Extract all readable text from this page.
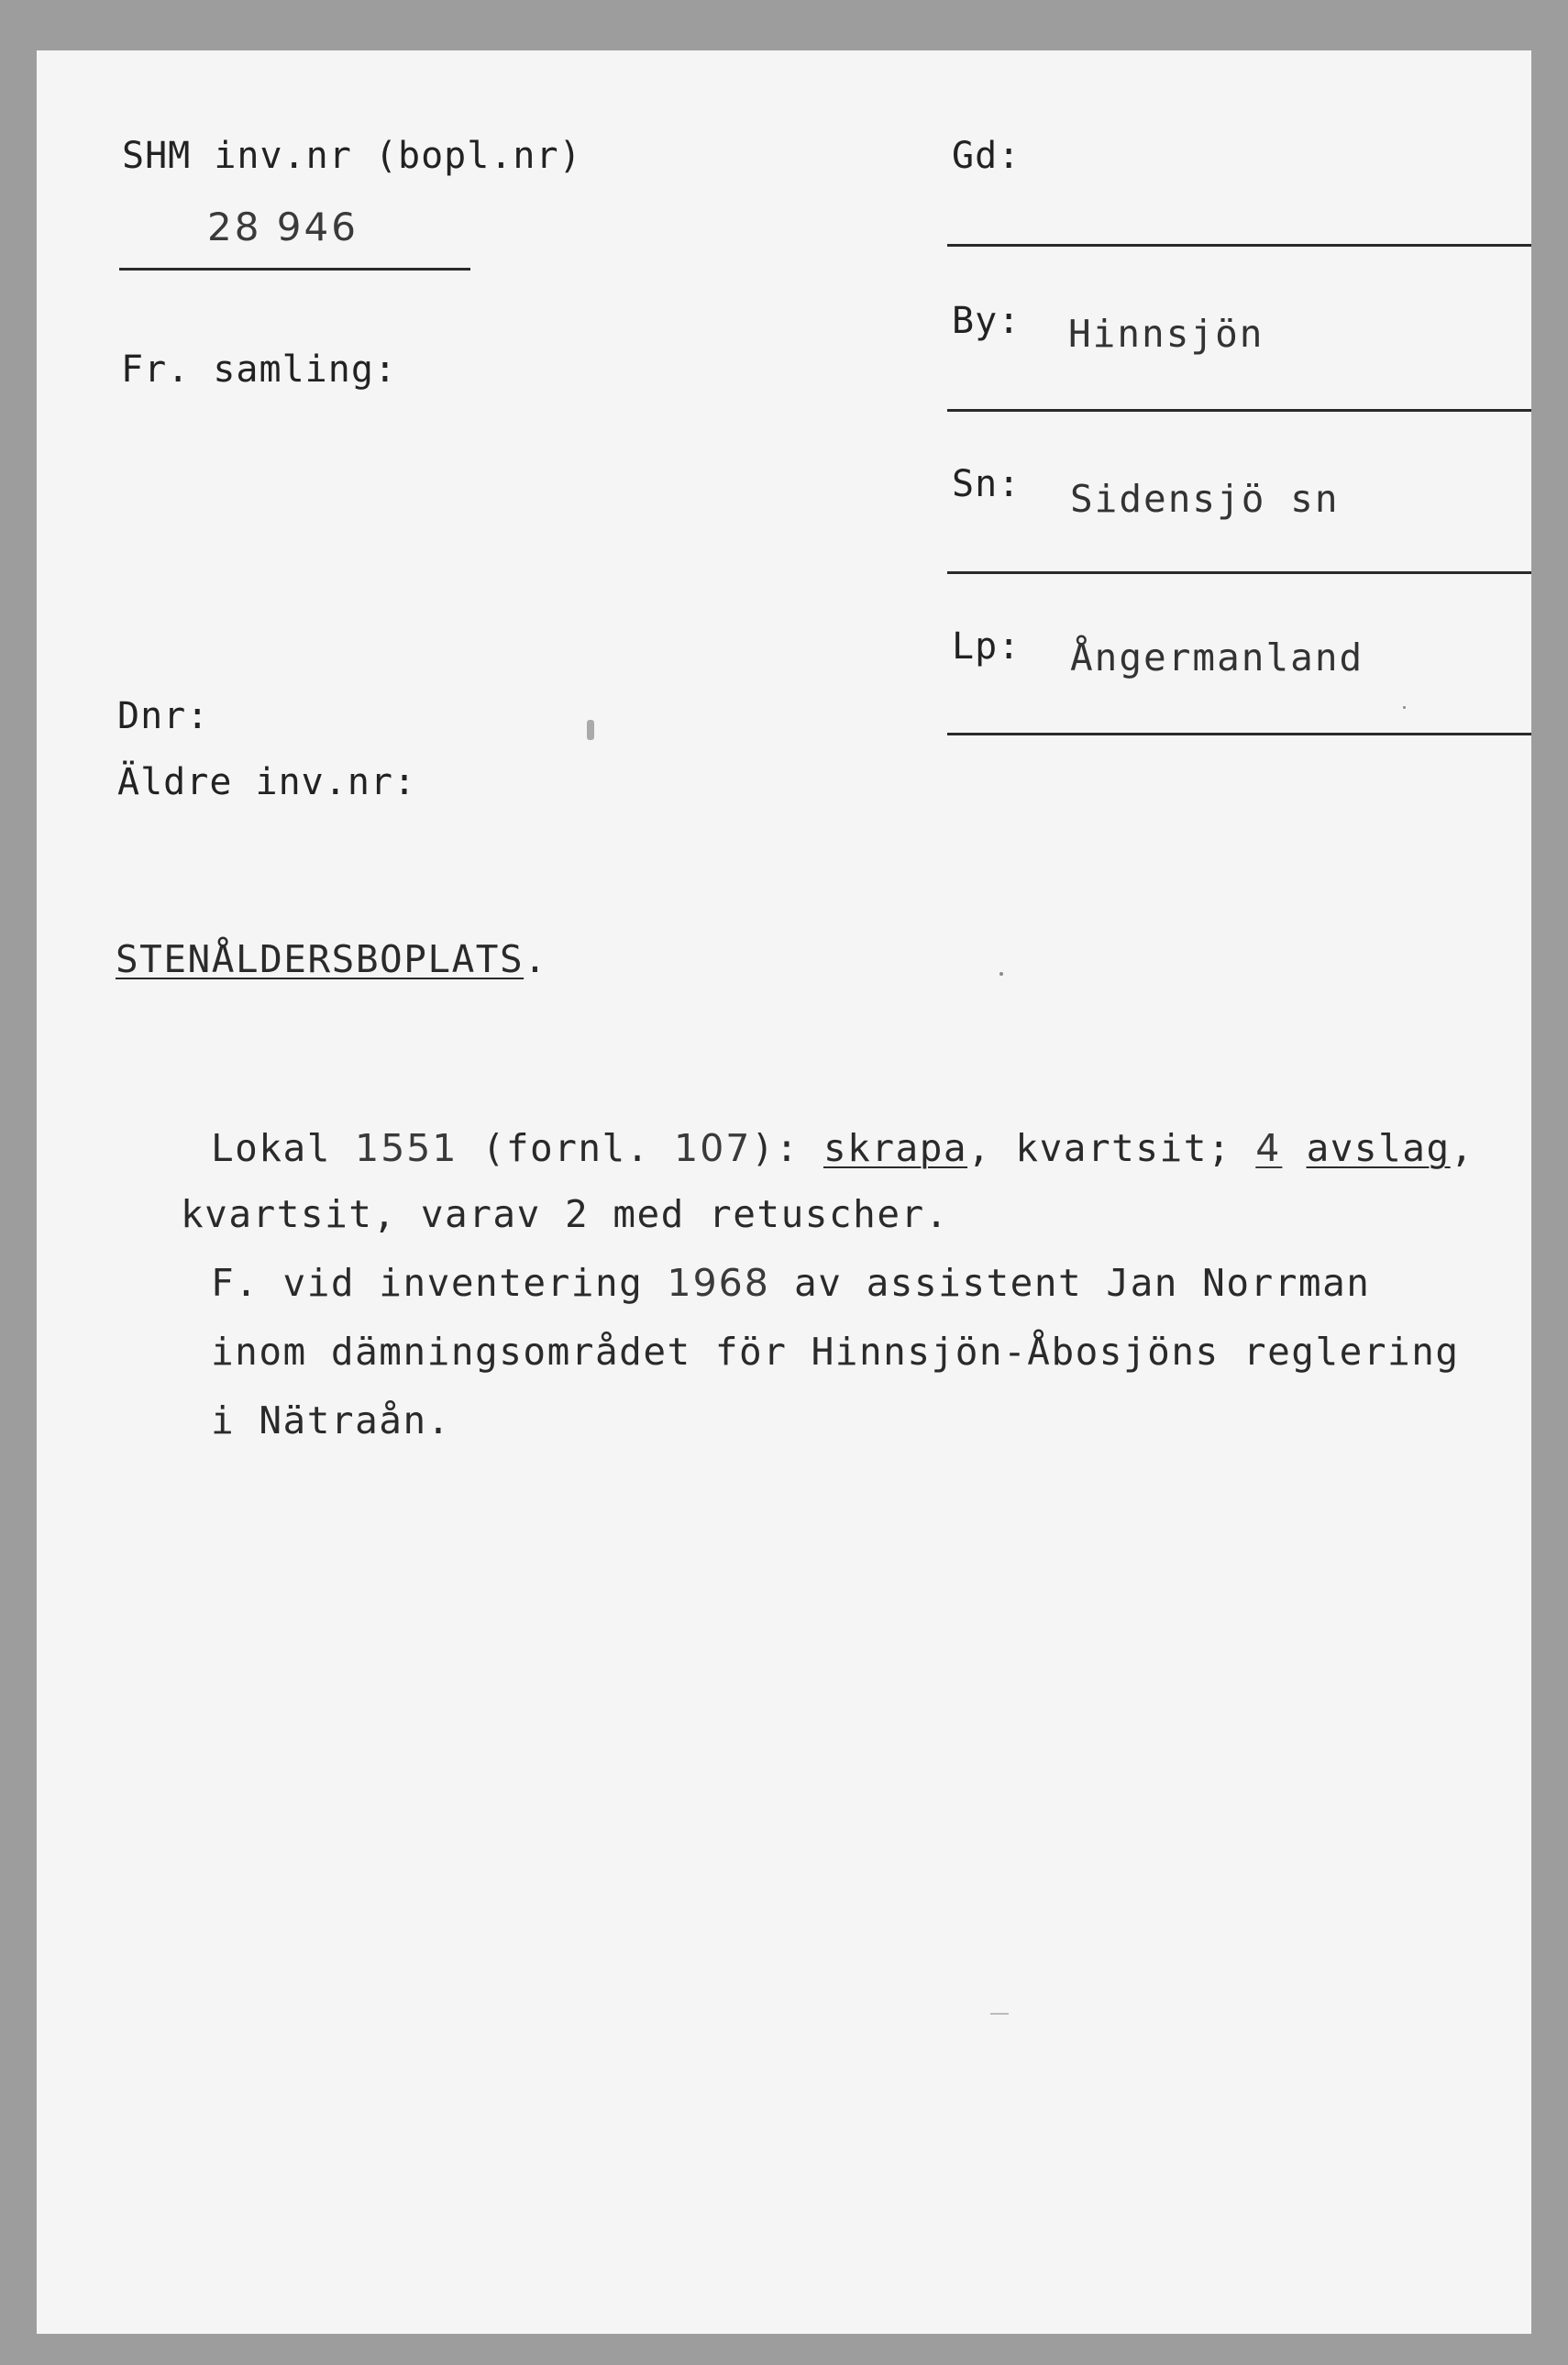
SHM inv.nr (bopl.nr)
28 946
Fr. samling:
Dnr:
Äldre inv.nr:
Gd:
By: Hinnsjön
Sn: Sidensjö sn
Lp: Ångermanland
STENÅLDERSBOPLATS.
Lokal 1551 (fornl. 107): skrapa, kvartsit; 4 avslag,
kvartsit, varav 2 med retuscher.
F. vid inventering 1968 av assistent Jan Norrman
inom dämningsområdet för Hinnsjön-Åbosjöns reglering
i Nätraån.
